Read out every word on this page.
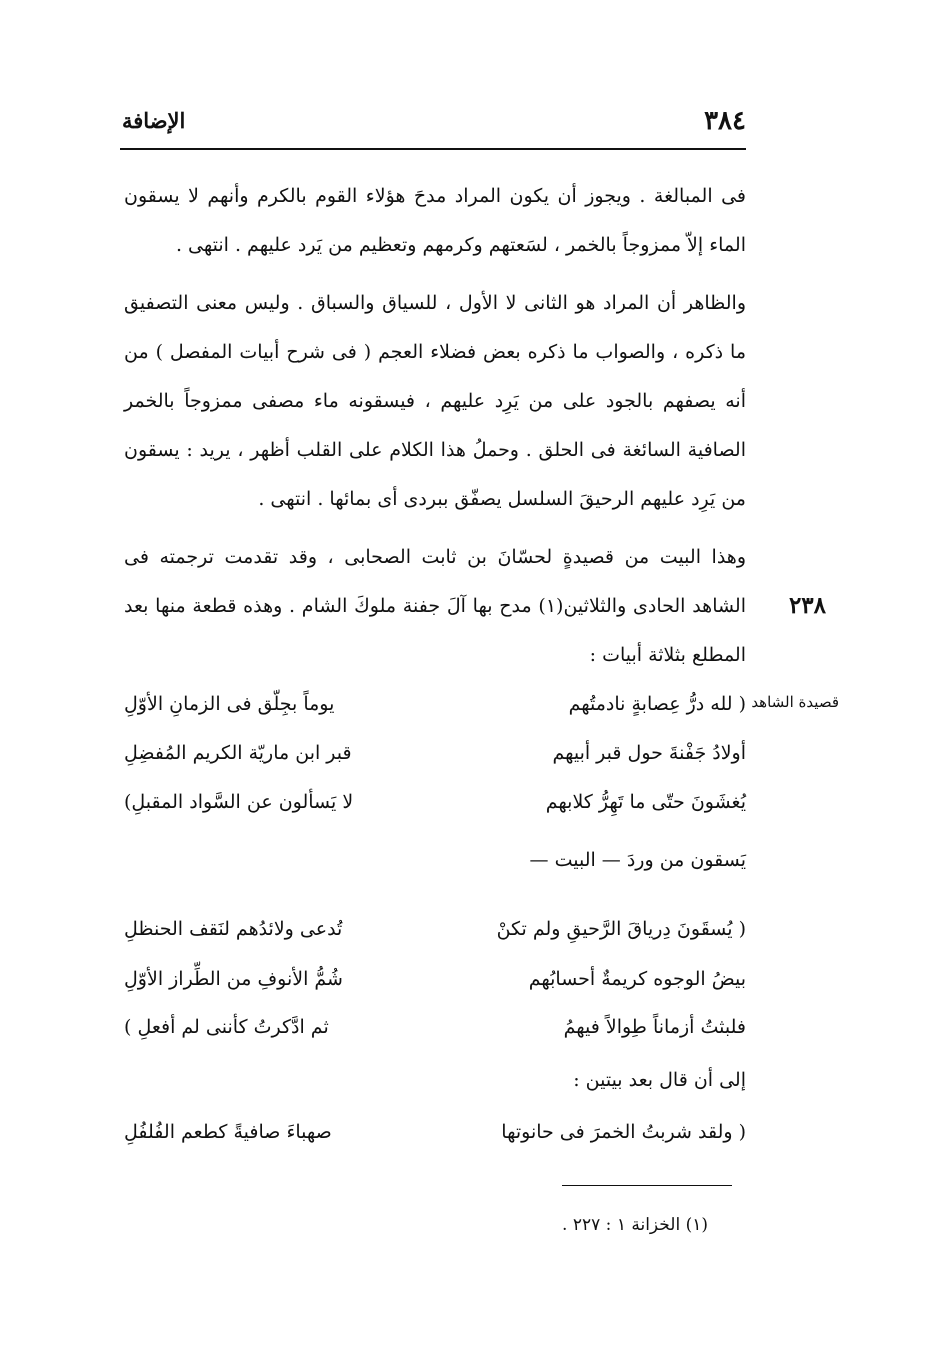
٣٨٤
الإضافة

فى المبالغة . ويجوز أن يكون المراد مدحَ هؤلاء القوم بالكرم وأنهم لا يسقون الماء إلاّ ممزوجاً بالخمر ، لسَعتهم وكرمهم وتعظيم من يَرد عليهم . انتهى .

والظاهر أن المراد هو الثانى لا الأول ، للسياق والسباق . وليس معنى التصفيق ما ذكره ، والصواب ما ذكره بعض فضلاء العجم ( فى شرح أبيات المفصل ) من أنه يصفهم بالجود على من يَرِد عليهم ، فيسقونه ماء مصفى ممزوجاً بالخمر الصافية السائغة فى الحلق . وحملُ هذا الكلام على القلب أظهر ، يريد : يسقون من يَرِد عليهم الرحيقَ السلسل يصفّق ببردى أى بمائها . انتهى .

وهذا البيت من قصيدةٍ لحسّانَ بن ثابت الصحابى ، وقد تقدمت ترجمته فى الشاهد الحادى والثلاثين(١) مدح بها آلَ جفنة ملوكَ الشام . وهذه قطعة منها بعد المطلع بثلاثة أبيات :

٢٣٨
قصيدة الشاهد
( لله درُّ عِصابةٍ نادمتُهم
يوماً بجِلّق فى الزمانِ الأوّلِ
أولادُ جَفْنةَ حول قبر أبيهم
قبر ابن ماريّة الكريم المُفضِلِ
يُغشَونَ حتّى ما تَهِرُّ كلابهم
لا يَسألون عن السَّواد المقبلِ)
يَسقون من وردَ — البيت —
( يُسقَونَ دِرياقَ الرَّحيقِ ولم تكنْ
تُدعى ولائدُهم لنَقف الحنظلِ
بيضُ الوجوه كريمةٌ أحسابُهم
شُمُّ الأنوفِ من الطِّراز الأوّلِ
فلبثتُ أزماناً طِوالاً فيهمُ
ثم ادَّكرتُ كأننى لم أفعلِ )
إلى أن قال بعد بيتين :
( ولقد شربتُ الخمرَ فى حانوتها
صهباءَ صافيةً كطعم الفُلفُلِ
(١) الخزانة ١ : ٢٢٧ .
